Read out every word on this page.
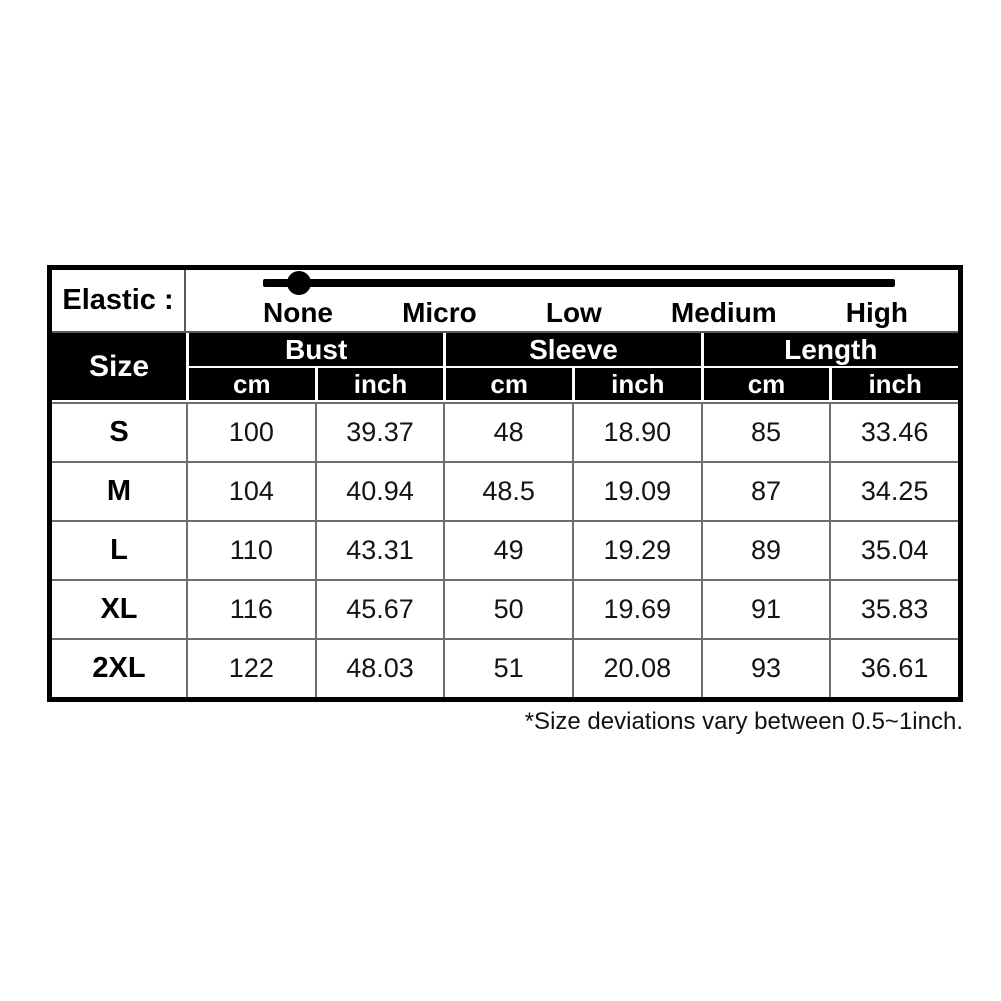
Elastic :	None Micro Low Medium High
Size
Bust	Sleeve	Length
cm	inch	cm	inch	cm	inch
S	100	39.37	48	18.90	85	33.46
M	104	40.94	48.5	19.09	87	34.25
L	110	43.31	49	19.29	89	35.04
XL	116	45.67	50	19.69	91	35.83
2XL	122	48.03	51	20.08	93	36.61
*Size deviations vary between 0.5~1inch.
